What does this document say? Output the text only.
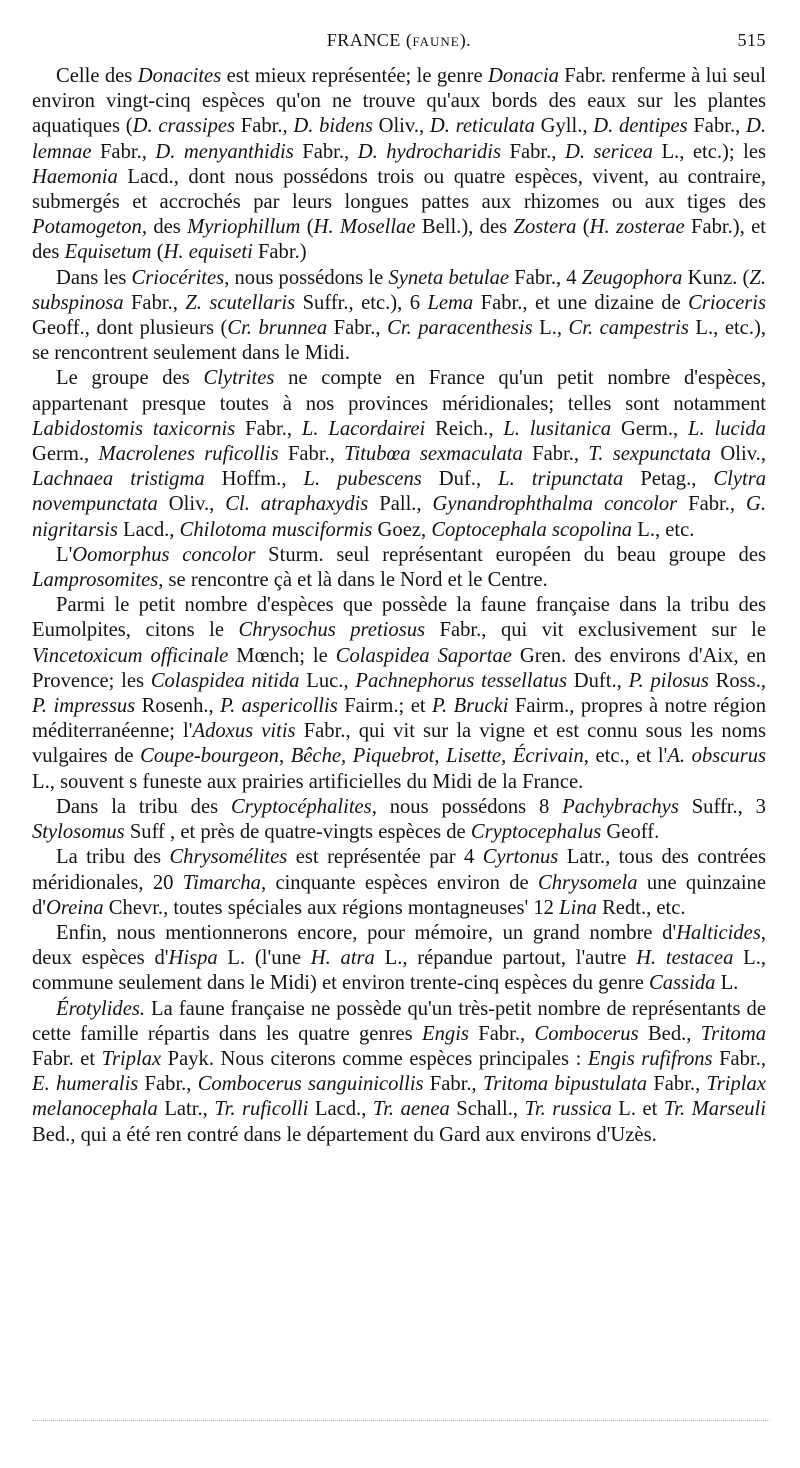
FRANCE (FAUNE).	515

Celle des Donacites est mieux représentée; le genre Donacia Fabr. renferme à lui seul environ vingt-cinq espèces qu'on ne trouve qu'aux bords des eaux sur les plantes aquatiques (D. crassipes Fabr., D. bidens Oliv., D. reticulata Gyll., D. dentipes Fabr., D. lemnae Fabr., D. menyanthidis Fabr., D. hydrocharidis Fabr., D. sericea L., etc.); les Haemonia Lacd., dont nous possédons trois ou quatre espèces, vivent, au contraire, submergés et accrochés par leurs longues pattes aux rhizomes ou aux tiges des Potamogeton, des Myriophillum (H. Mosellae Bell.), des Zostera (H. zosterae Fabr.), et des Equisetum (H. equiseti Fabr.)

Dans les Criocérites, nous possédons le Syneta betulae Fabr., 4 Zeugophora Kunz. (Z. subspinosa Fabr., Z. scutellaris Suffr., etc.), 6 Lema Fabr., et une dizaine de Crioceris Geoff., dont plusieurs (Cr. brunnea Fabr., Cr. paracenthesis L., Cr. campestris L., etc.), se rencontrent seulement dans le Midi.

Le groupe des Clytrites ne compte en France qu'un petit nombre d'espèces, appartenant presque toutes à nos provinces méridionales; telles sont notamment Labidostomis taxicornis Fabr., L. Lacordairei Reich., L. lusitanica Germ., L. lucida Germ., Macrolenes ruficollis Fabr., Titubœa sexmaculata Fabr., T. sexpunctata Oliv., Lachnaea tristigma Hoffm., L. pubescens Duf., L. tripunctata Petag., Clytra novempunctata Oliv., Cl. atraphaxydis Pall., Gynandrophthalma concolor Fabr., G. nigritarsis Lacd., Chilotoma musciformis Goez, Coptocephala scopolina L., etc.

L'Oomorphus concolor Sturm. seul représentant européen du beau groupe des Lamprosomites, se rencontre çà et là dans le Nord et le Centre.

Parmi le petit nombre d'espèces que possède la faune française dans la tribu des Eumolpites, citons le Chrysochus pretiosus Fabr., qui vit exclusivement sur le Vincetoxicum officinale Mœnch; le Colaspidea Saportae Gren. des environs d'Aix, en Provence; les Colaspidea nitida Luc., Pachnephorus tessellatus Duft., P. pilosus Ross., P. impressus Rosenh., P. aspericollis Fairm.; et P. Brucki Fairm., propres à notre région méditerranéenne; l'Adoxus vitis Fabr., qui vit sur la vigne et est connu sous les noms vulgaires de Coupe-bourgeon, Bêche, Piquebrot, Lisette, Écrivain, etc., et l'A. obscurus L., souvent s funeste aux prairies artificielles du Midi de la France.

Dans la tribu des Cryptocéphalites, nous possédons 8 Pachybrachys Suffr., 3 Stylosomus Suff , et près de quatre-vingts espèces de Cryptocephalus Geoff.

La tribu des Chrysomélites est représentée par 4 Cyrtonus Latr., tous des contrées méridionales, 20 Timarcha, cinquante espèces environ de Chrysomela une quinzaine d'Oreina Chevr., toutes spéciales aux régions montagneuses' 12 Lina Redt., etc.

Enfin, nous mentionnerons encore, pour mémoire, un grand nombre d'Halticides, deux espèces d'Hispa L. (l'une H. atra L., répandue partout, l'autre H. testacea L., commune seulement dans le Midi) et environ trente-cinq espèces du genre Cassida L.

Érotylides. La faune française ne possède qu'un très-petit nombre de représentants de cette famille répartis dans les quatre genres Engis Fabr., Combocerus Bed., Tritoma Fabr. et Triplax Payk. Nous citerons comme espèces principales : Engis rufifrons Fabr., E. humeralis Fabr., Combocerus sanguinicollis Fabr., Tritoma bipustulata Fabr., Triplax melanocephala Latr., Tr. ruficolli Lacd., Tr. aenea Schall., Tr. russica L. et Tr. Marseuli Bed., qui a été ren contré dans le département du Gard aux environs d'Uzès.
